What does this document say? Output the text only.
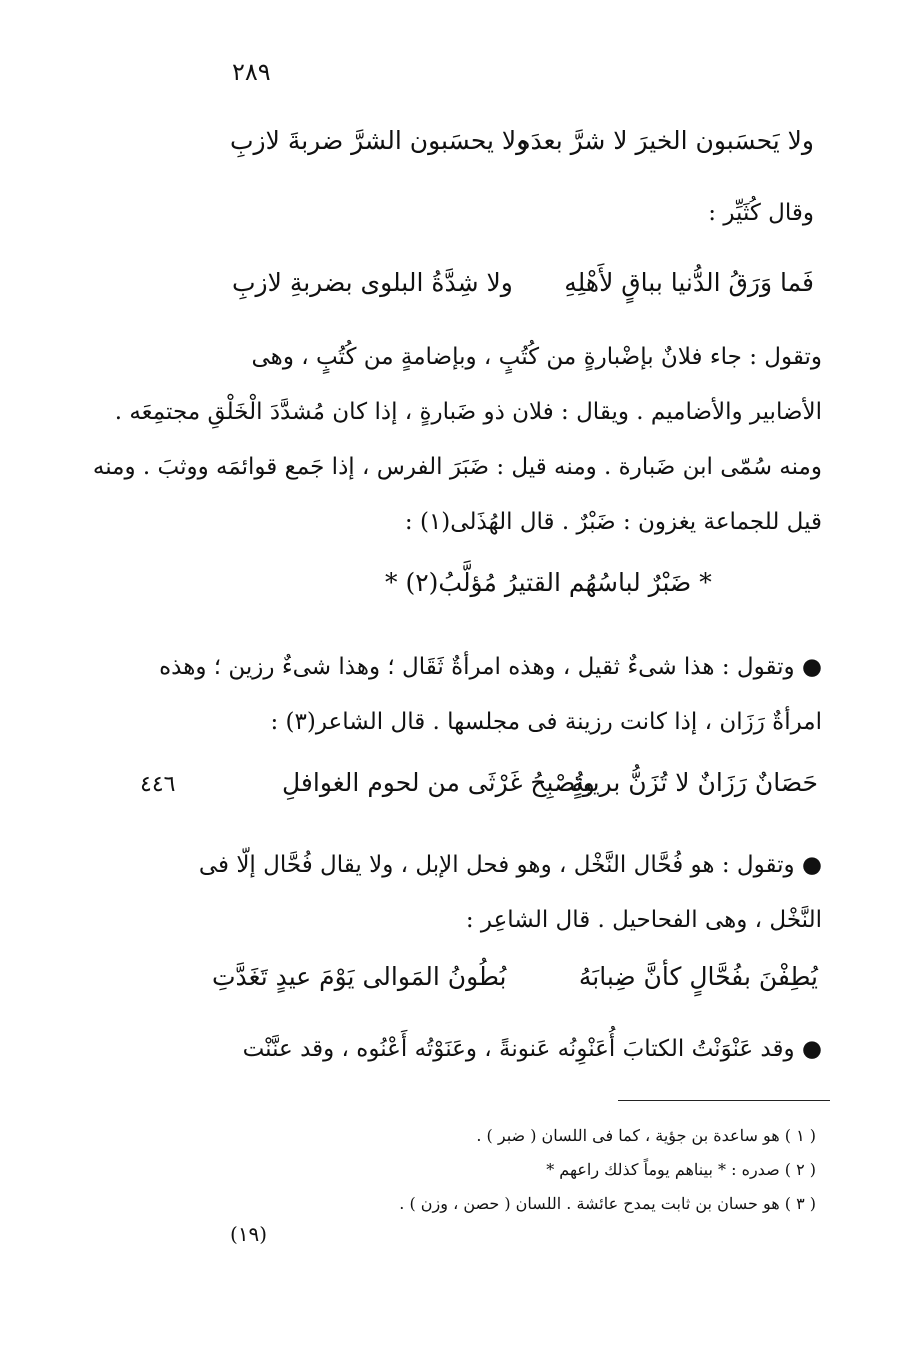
٢٨٩
ولا يَحسَبون الخيرَ لا شرَّ بعدَه
ولا يحسَبون الشرَّ ضربةَ لازبِ
وقال كُثَيِّر :
فَما وَرَقُ الدُّنيا بباقٍ لأَهْلِهِ
ولا شِدَّةُ البلوى بضربةِ لازبِ
وتقول : جاء فلانٌ بإضْبارةٍ من كُتُبٍ ، وبإضامةٍ من كُتُبٍ ، وهى
الأضابير والأضاميم . ويقال : فلان ذو ضَبارةٍ ، إذا كان مُشدَّدَ الْخَلْقِ مجتمِعَه .
ومنه سُمّى ابن ضَبارة . ومنه قيل : ضَبَرَ الفرس ، إذا جَمع قوائمَه ووثبَ . ومنه
قيل للجماعة يغزون : ضَبْرٌ . قال الهُذَلى(١) :
* ضَبْرٌ لباسُهُم القتيرُ مُؤلَّبُ(٢) *
● وتقول : هذا شىءٌ ثقيل ، وهذه امرأةٌ ثَقَال ؛ وهذا شىءٌ رزين ؛ وهذه
امرأةٌ رَزَان ، إذا كانت رزينة فى مجلسها . قال الشاعر(٣) :
حَصَانٌ رَزَانٌ لا تُزَنُّ بريبةٍ
وتُصْبِحُ غَرْثَى من لحوم الغوافلِ
٤٤٦
● وتقول : هو فُحَّال النَّخْل ، وهو فحل الإبل ، ولا يقال فُحَّال إلّا فى
النَّخْل ، وهى الفحاحيل . قال الشاعِر :
يُطِفْنَ بفُحَّالٍ كأنَّ ضِبابَهُ
بُطُونُ المَوالى يَوْمَ عيدٍ تَغَدَّتِ
● وقد عَنْوَنْتُ الكتابَ أُعَنْوِنُه عَنونةً ، وعَنَوْتُه أَعْنُوه ، وقد عنَّنْت
( ١ ) هو ساعدة بن جؤية ، كما فى اللسان ( ضبر ) .
( ٢ ) صدره : * بيناهم يوماً كذلك راعهم *
( ٣ ) هو حسان بن ثابت يمدح عائشة . اللسان ( حصن ، وزن ) .
(١٩)
